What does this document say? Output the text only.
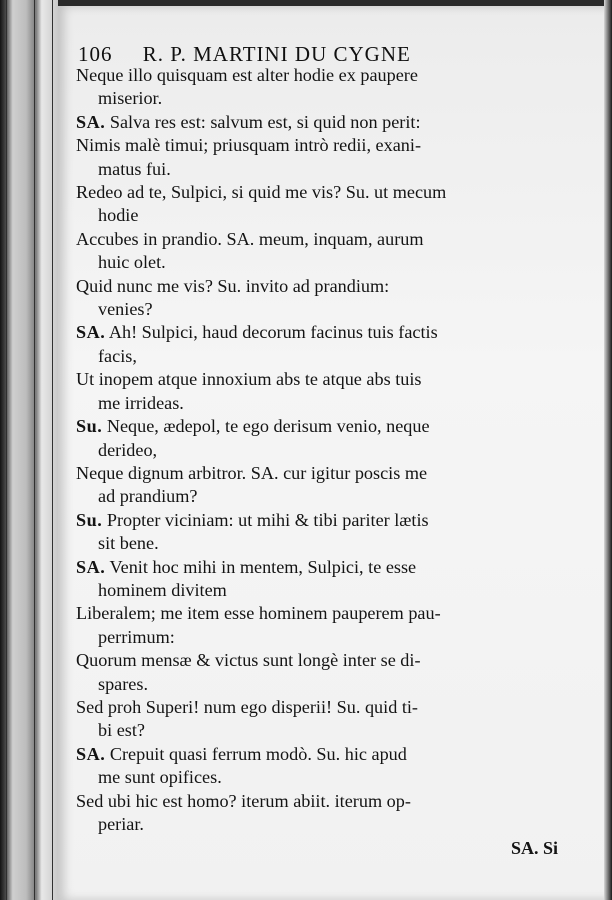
106 R. P. MARTINI DU CYGNE
Neque illo quisquam est alter hodie ex paupere
miserior.
SA. Salva res est: salvum est, si quid non perit:
Nimis malè timui; priusquam intrò redii, exani-
matus fui.
Redeo ad te, Sulpici, si quid me vis? Su. ut mecum
hodie
Accubes in prandio. SA. meum, inquam, aurum
huic olet.
Quid nunc me vis? Su. invito ad prandium:
venies?
SA. Ah! Sulpici, haud decorum facinus tuis factis
facis,
Ut inopem atque innoxium abs te atque abs tuis
me irrideas.
Su. Neque, ædepol, te ego derisum venio, neque
derideo,
Neque dignum arbitror. SA. cur igitur poscis me
ad prandium?
Su. Propter viciniam: ut mihi & tibi pariter lætis
sit bene.
SA. Venit hoc mihi in mentem, Sulpici, te esse
hominem divitem
Liberalem; me item esse hominem pauperem pau-
perrimum:
Quorum mensæ & victus sunt longè inter se di-
spares.
Sed proh Superi! num ego disperii! Su. quid ti-
bi est?
SA. Crepuit quasi ferrum modò. Su. hic apud
me sunt opifices.
Sed ubi hic est homo? iterum abiit. iterum op-
periar.
SA. Si
